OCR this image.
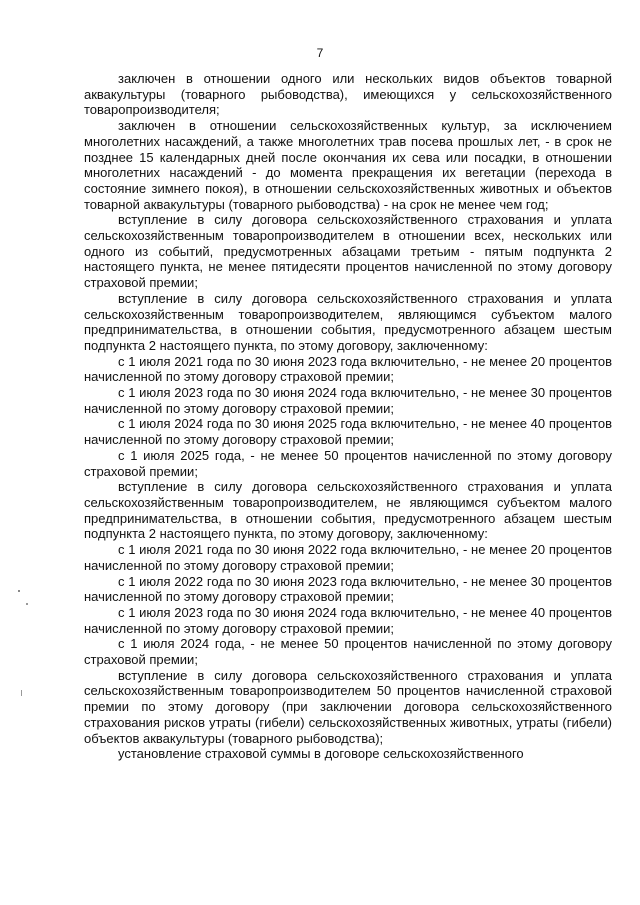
7

заключен в отношении одного или нескольких видов объектов товарной аквакультуры (товарного рыбоводства), имеющихся у сельскохозяйственного товаропроизводителя;

заключен в отношении сельскохозяйственных культур, за исключением многолетних насаждений, а также многолетних трав посева прошлых лет, - в срок не позднее 15 календарных дней после окончания их сева или посадки, в отношении многолетних насаждений - до момента прекращения их вегетации (перехода в состояние зимнего покоя), в отношении сельскохозяйственных животных и объектов товарной аквакультуры (товарного рыбоводства) - на срок не менее чем год;

вступление в силу договора сельскохозяйственного страхования и уплата сельскохозяйственным товаропроизводителем в отношении всех, нескольких или одного из событий, предусмотренных абзацами третьим - пятым подпункта 2 настоящего пункта, не менее пятидесяти процентов начисленной по этому договору страховой премии;

вступление в силу договора сельскохозяйственного страхования и уплата сельскохозяйственным товаропроизводителем, являющимся субъектом малого предпринимательства, в отношении события, предусмотренного абзацем шестым подпункта 2 настоящего пункта, по этому договору, заключенному:

с 1 июля 2021 года по 30 июня 2023 года включительно, - не менее 20 процентов начисленной по этому договору страховой премии;

с 1 июля 2023 года по 30 июня 2024 года включительно, - не менее 30 процентов начисленной по этому договору страховой премии;

с 1 июля 2024 года по 30 июня 2025 года включительно, - не менее 40 процентов начисленной по этому договору страховой премии;

с 1 июля 2025 года, - не менее 50 процентов начисленной по этому договору страховой премии;

вступление в силу договора сельскохозяйственного страхования и уплата сельскохозяйственным товаропроизводителем, не являющимся субъектом малого предпринимательства, в отношении события, предусмотренного абзацем шестым подпункта 2 настоящего пункта, по этому договору, заключенному:

с 1 июля 2021 года по 30 июня 2022 года включительно, - не менее 20 процентов начисленной по этому договору страховой премии;

с 1 июля 2022 года по 30 июня 2023 года включительно, - не менее 30 процентов начисленной по этому договору страховой премии;

с 1 июля 2023 года по 30 июня 2024 года включительно, - не менее 40 процентов начисленной по этому договору страховой премии;

с 1 июля 2024 года, - не менее 50 процентов начисленной по этому договору страховой премии;

вступление в силу договора сельскохозяйственного страхования и уплата сельскохозяйственным товаропроизводителем 50 процентов начисленной страховой премии по этому договору (при заключении договора сельскохозяйственного страхования рисков утраты (гибели) сельскохозяйственных животных, утраты (гибели) объектов аквакультуры (товарного рыбоводства);

установление страховой суммы в договоре сельскохозяйственного
